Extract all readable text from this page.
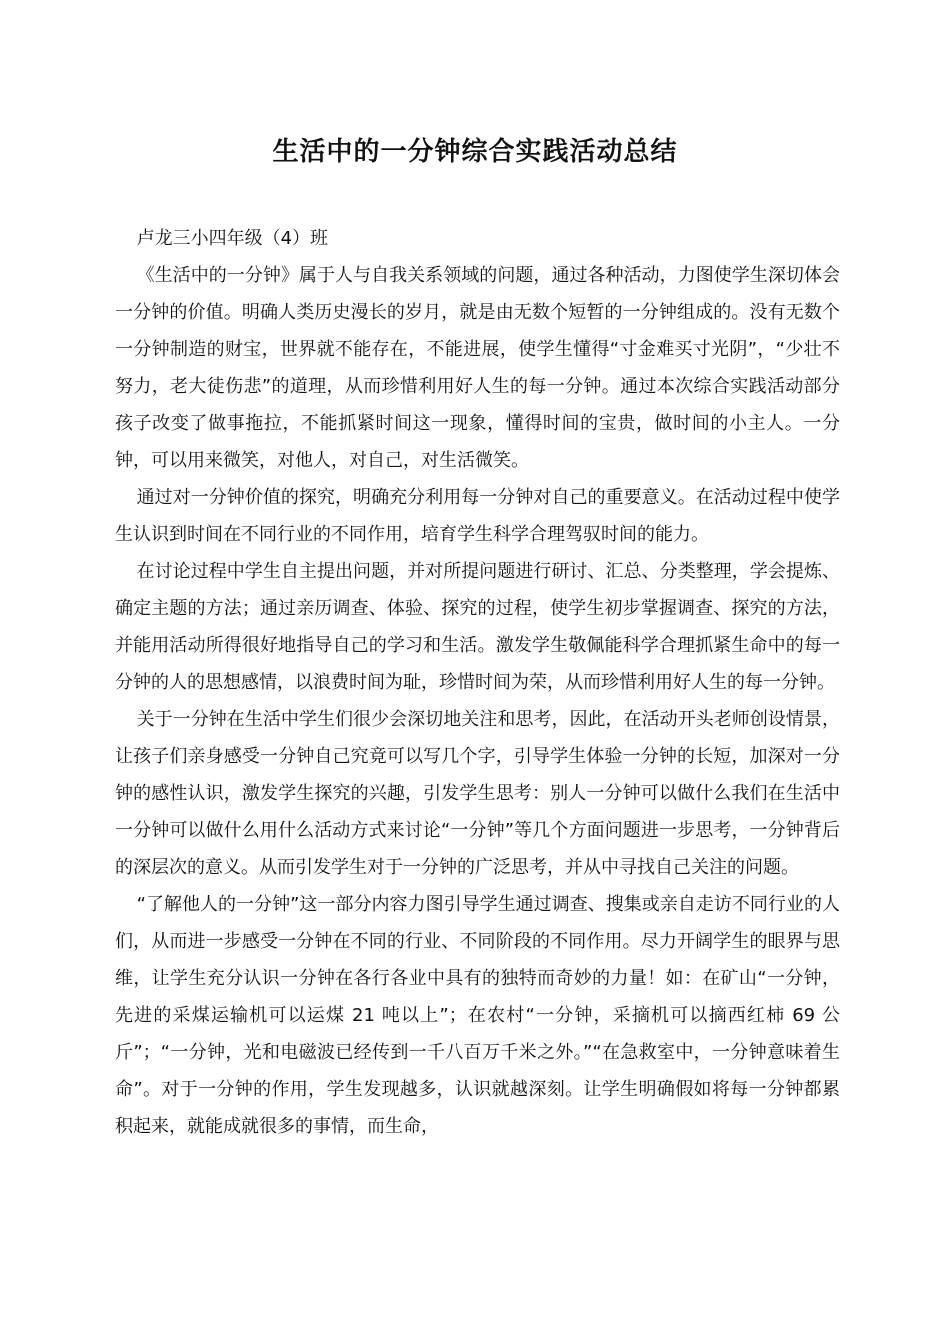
生活中的一分钟综合实践活动总结

卢龙三小四年级（4）班

《生活中的一分钟》属于人与自我关系领域的问题，通过各种活动，力图使学生深切体会一分钟的价值。明确人类历史漫长的岁月，就是由无数个短暂的一分钟组成的。没有无数个一分钟制造的财宝，世界就不能存在，不能进展，使学生懂得“寸金难买寸光阴”，“少壮不努力，老大徒伤悲”的道理，从而珍惜利用好人生的每一分钟。通过本次综合实践活动部分孩子改变了做事拖拉，不能抓紧时间这一现象，懂得时间的宝贵，做时间的小主人。一分钟，可以用来微笑，对他人，对自己，对生活微笑。

通过对一分钟价值的探究，明确充分利用每一分钟对自己的重要意义。在活动过程中使学生认识到时间在不同行业的不同作用，培育学生科学合理驾驭时间的能力。

在讨论过程中学生自主提出问题，并对所提问题进行研讨、汇总、分类整理，学会提炼、确定主题的方法；通过亲历调查、体验、探究的过程，使学生初步掌握调查、探究的方法，并能用活动所得很好地指导自己的学习和生活。激发学生敬佩能科学合理抓紧生命中的每一分钟的人的思想感情，以浪费时间为耻，珍惜时间为荣，从而珍惜利用好人生的每一分钟。

关于一分钟在生活中学生们很少会深切地关注和思考，因此，在活动开头老师创设情景，让孩子们亲身感受一分钟自己究竟可以写几个字，引导学生体验一分钟的长短，加深对一分钟的感性认识，激发学生探究的兴趣，引发学生思考：别人一分钟可以做什么我们在生活中一分钟可以做什么用什么活动方式来讨论“一分钟”等几个方面问题进一步思考，一分钟背后的深层次的意义。从而引发学生对于一分钟的广泛思考，并从中寻找自己关注的问题。

“了解他人的一分钟”这一部分内容力图引导学生通过调查、搜集或亲自走访不同行业的人们，从而进一步感受一分钟在不同的行业、不同阶段的不同作用。尽力开阔学生的眼界与思维，让学生充分认识一分钟在各行各业中具有的独特而奇妙的力量！如：在矿山“一分钟，先进的采煤运输机可以运煤 21 吨以上”；在农村“一分钟，采摘机可以摘西红柿 69 公斤”；“一分钟，光和电磁波已经传到一千八百万千米之外。”“在急救室中，一分钟意味着生命”。对于一分钟的作用，学生发现越多，认识就越深刻。让学生明确假如将每一分钟都累积起来，就能成就很多的事情，而生命，
